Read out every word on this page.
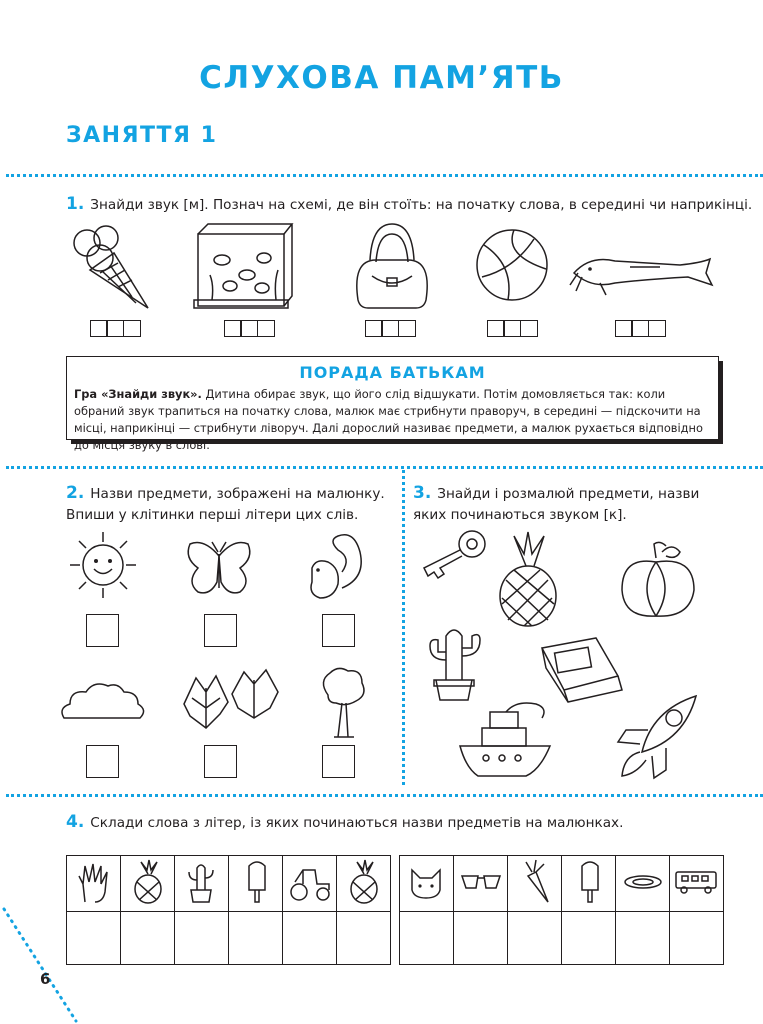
СЛУХОВА ПАМ’ЯТЬ
ЗАНЯТТЯ 1
1. Знайди звук [м]. Познач на схемі, де він стоїть: на початку слова, в середині чи наприкінці.
ПОРАДА БАТЬКАМ
Гра «Знайди звук». Дитина обирає звук, що його слід відшукати. Потім домовляється так: коли обраний звук трапиться на початку слова, малюк має стрибнути праворуч, в середині — підскочити на місці, наприкінці — стрибнути ліворуч. Далі дорослий називає предмети, а малюк рухається відповідно до місця звуку в слові.
2. Назви предмети, зображені на малюнку.
Впиши у клітинки перші літери цих слів.
3. Знайди і розмалюй предмети, назви
яких починаються звуком [к].
4. Склади слова з літер, із яких починаються назви предметів на малюнках.

6
